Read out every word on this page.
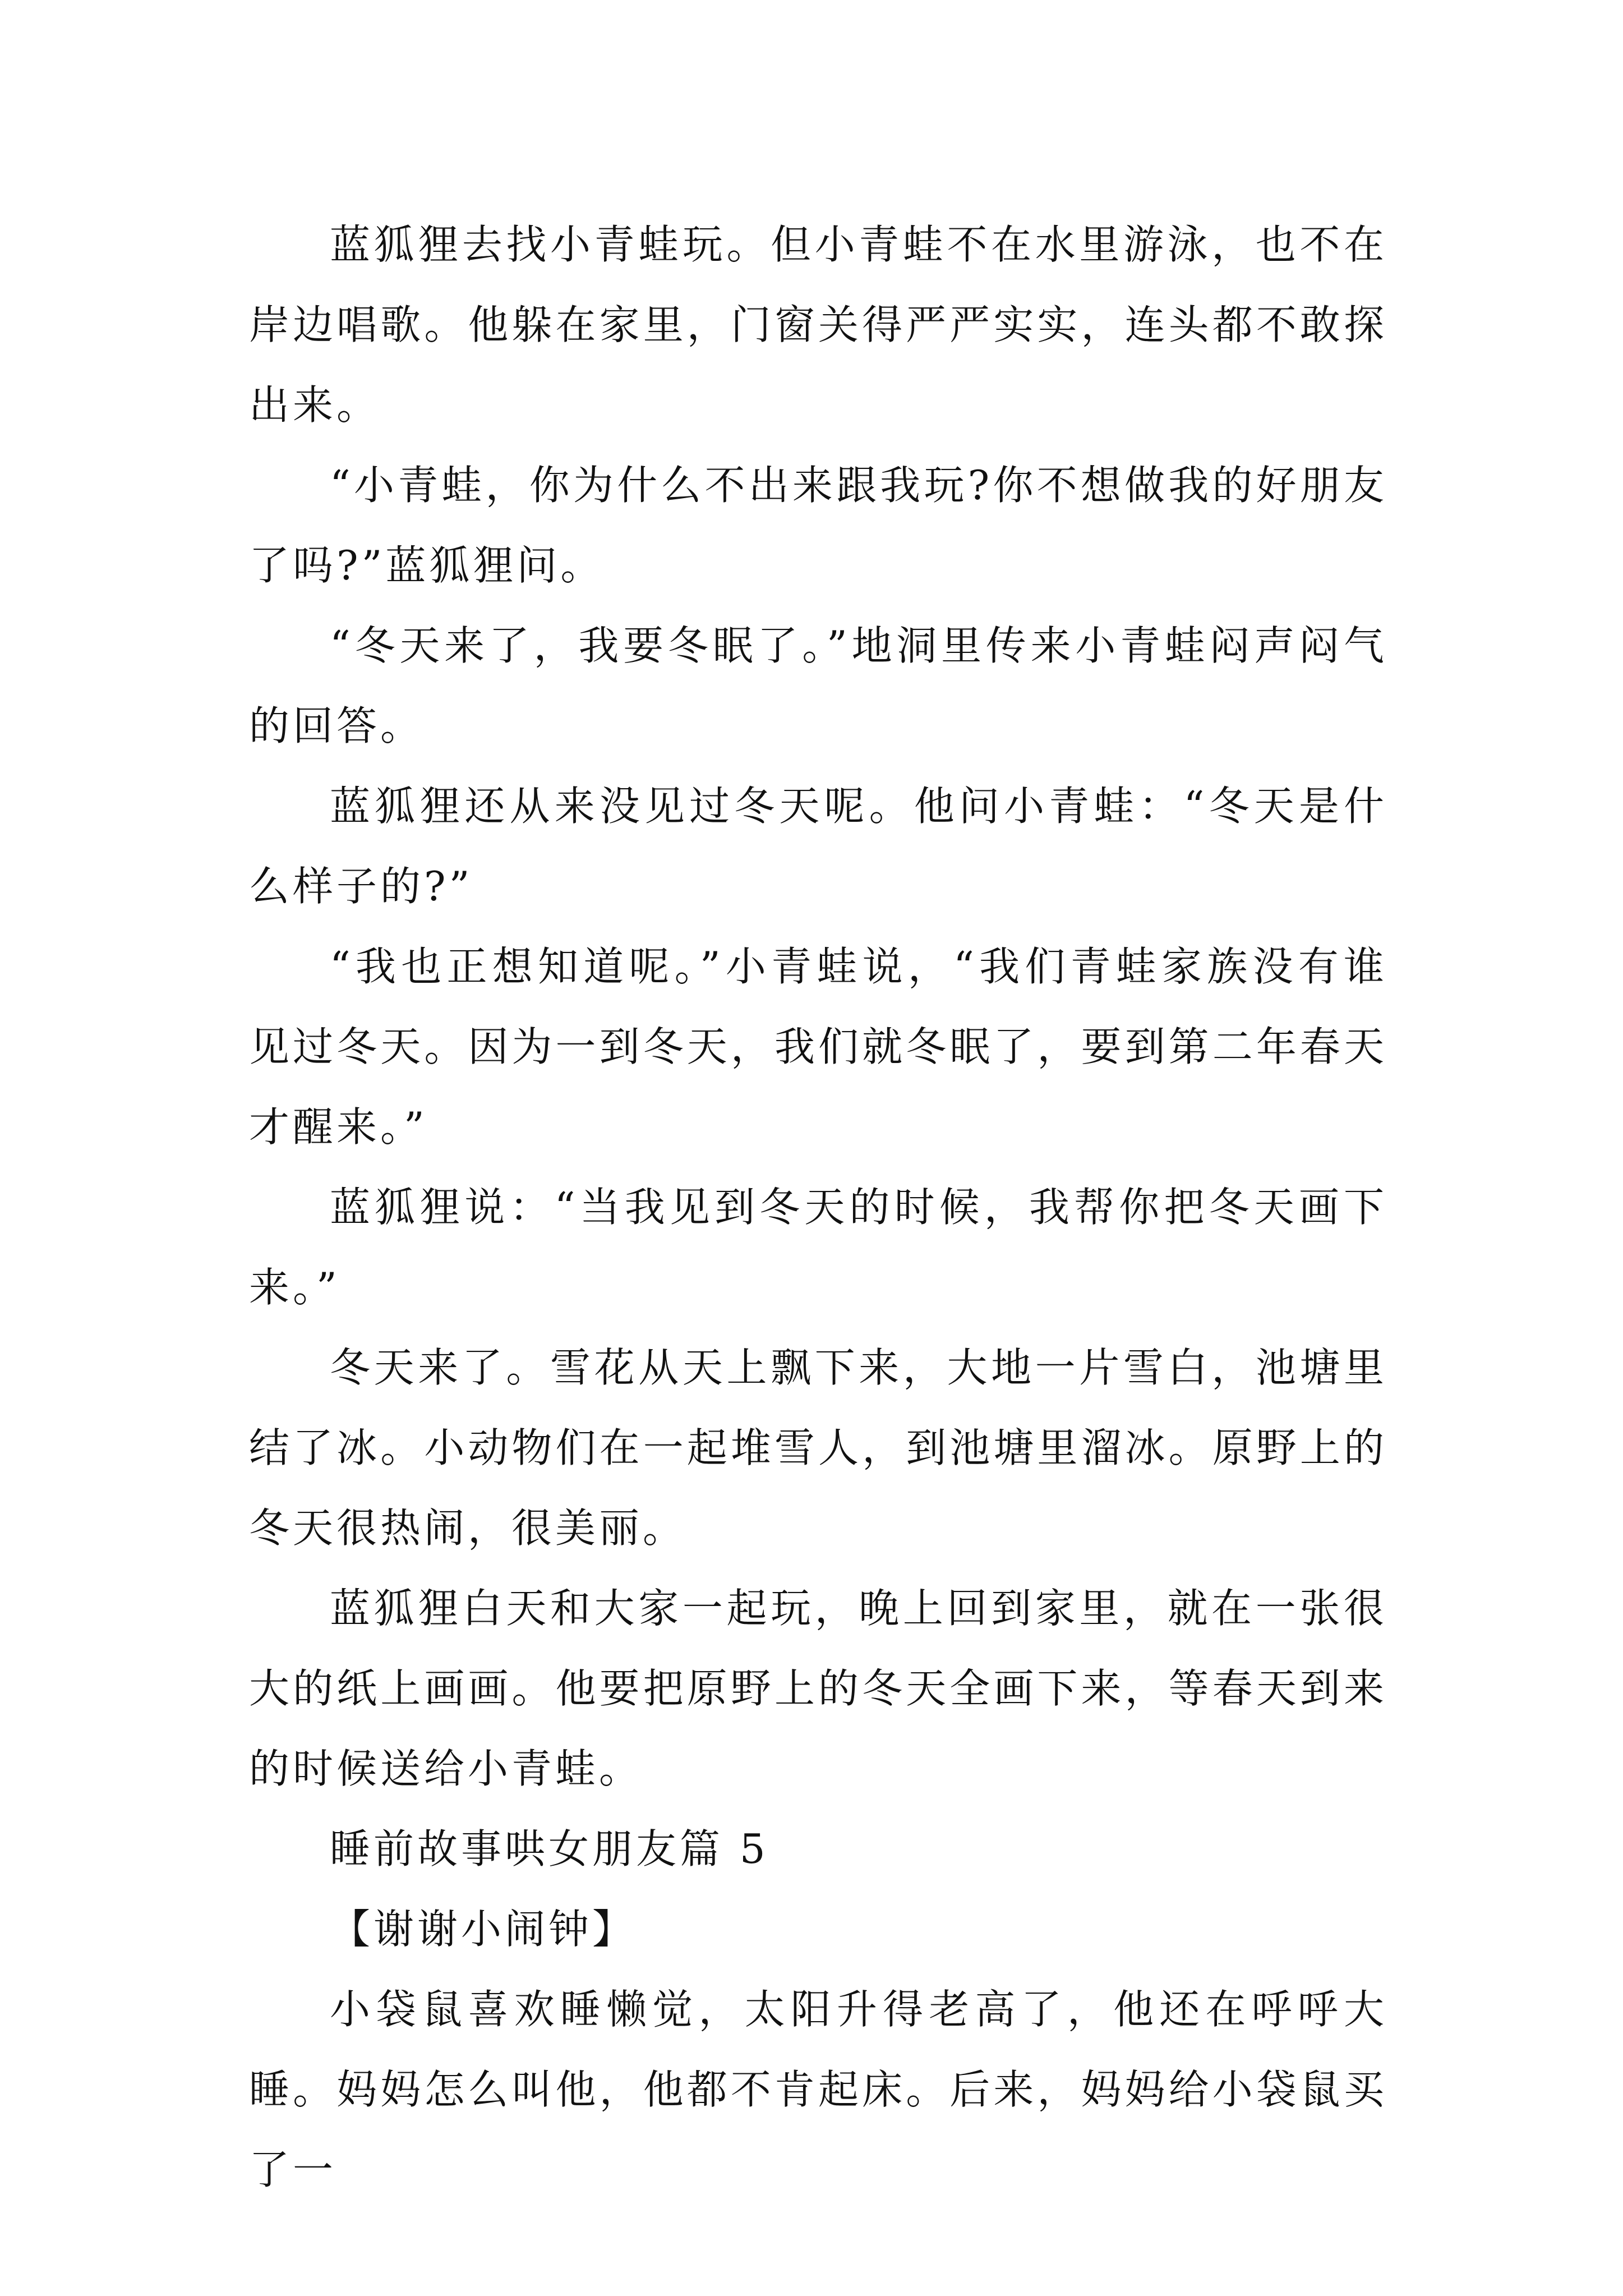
蓝狐狸去找小青蛙玩。但小青蛙不在水里游泳，也不在岸边唱歌。他躲在家里，门窗关得严严实实，连头都不敢探出来。

“小青蛙，你为什么不出来跟我玩?你不想做我的好朋友了吗?”蓝狐狸问。

“冬天来了，我要冬眠了。”地洞里传来小青蛙闷声闷气的回答。

蓝狐狸还从来没见过冬天呢。他问小青蛙：“冬天是什么样子的?”

“我也正想知道呢。”小青蛙说，“我们青蛙家族没有谁见过冬天。因为一到冬天，我们就冬眠了，要到第二年春天才醒来。”

蓝狐狸说：“当我见到冬天的时候，我帮你把冬天画下来。”

冬天来了。雪花从天上飘下来，大地一片雪白，池塘里结了冰。小动物们在一起堆雪人，到池塘里溜冰。原野上的冬天很热闹，很美丽。

蓝狐狸白天和大家一起玩，晚上回到家里，就在一张很大的纸上画画。他要把原野上的冬天全画下来，等春天到来的时候送给小青蛙。

睡前故事哄女朋友篇 5

【谢谢小闹钟】

小袋鼠喜欢睡懒觉，太阳升得老高了，他还在呼呼大睡。妈妈怎么叫他，他都不肯起床。后来，妈妈给小袋鼠买了一
